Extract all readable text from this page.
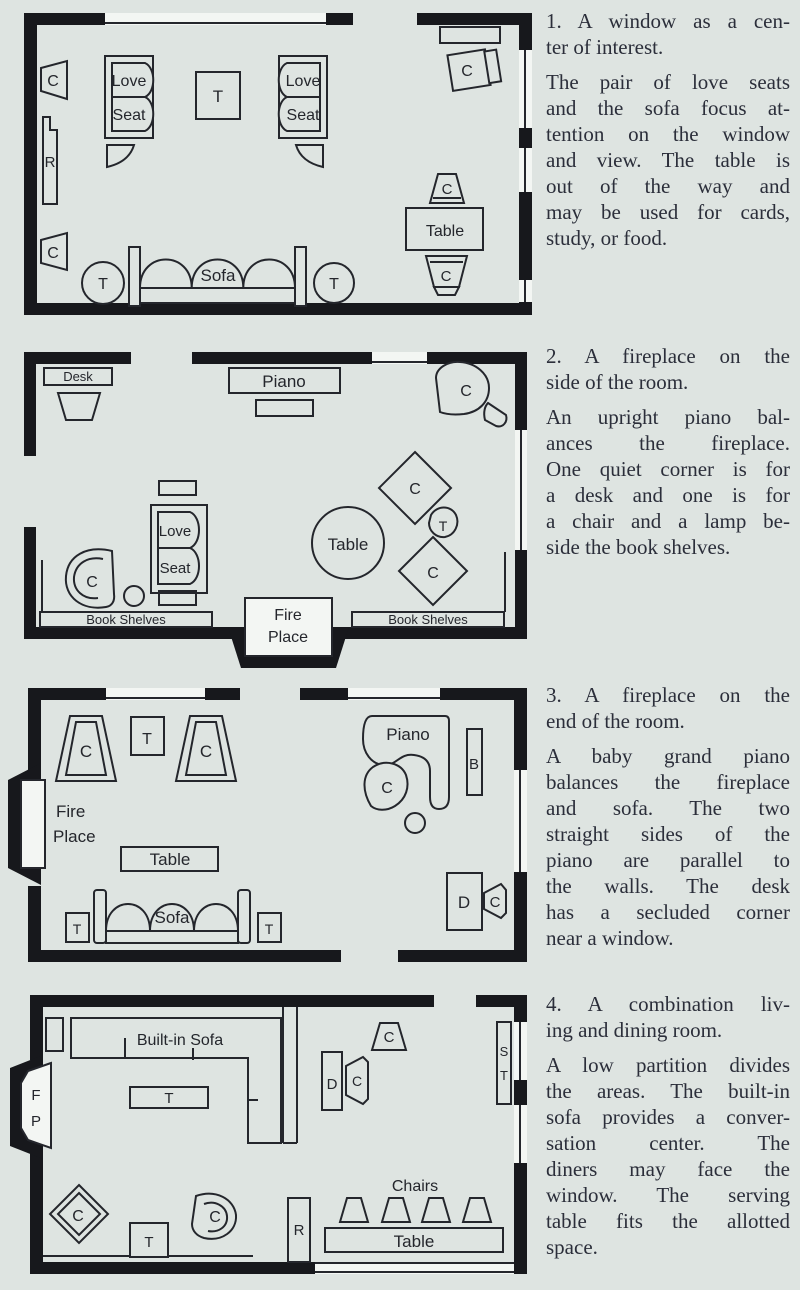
C
R
C
Love
Seat
T
Love
Seat
C
C
Table
C
Sofa
T	T
Fire
Place
Book Shelves	Book Shelves
Desk	Piano
C
C
Love
Seat
Table
C
T
C
Fire
Place
C
T
C
Table
Sofa
T	T
Piano
B
C
D C
F
P
Built-in Sofa
T
C
T
C
D C
C
S
T
R
Chairs
Table
1. A window as a cen-
ter of interest.
The pair of love seats
and the sofa focus at-
tention on the window
and view. The table is
out of the way and
may be used for cards,
study, or food.
2. A fireplace on the
side of the room.
An upright piano bal-
ances the fireplace.
One quiet corner is for
a desk and one is for
a chair and a lamp be-
side the book shelves.
3. A fireplace on the
end of the room.
A baby grand piano
balances the fireplace
and sofa. The two
straight sides of the
piano are parallel to
the walls. The desk
has a secluded corner
near a window.
4. A combination liv-
ing and dining room.
A low partition divides
the areas. The built-in
sofa provides a conver-
sation center. The
diners may face the
window. The serving
table fits the allotted
space.
